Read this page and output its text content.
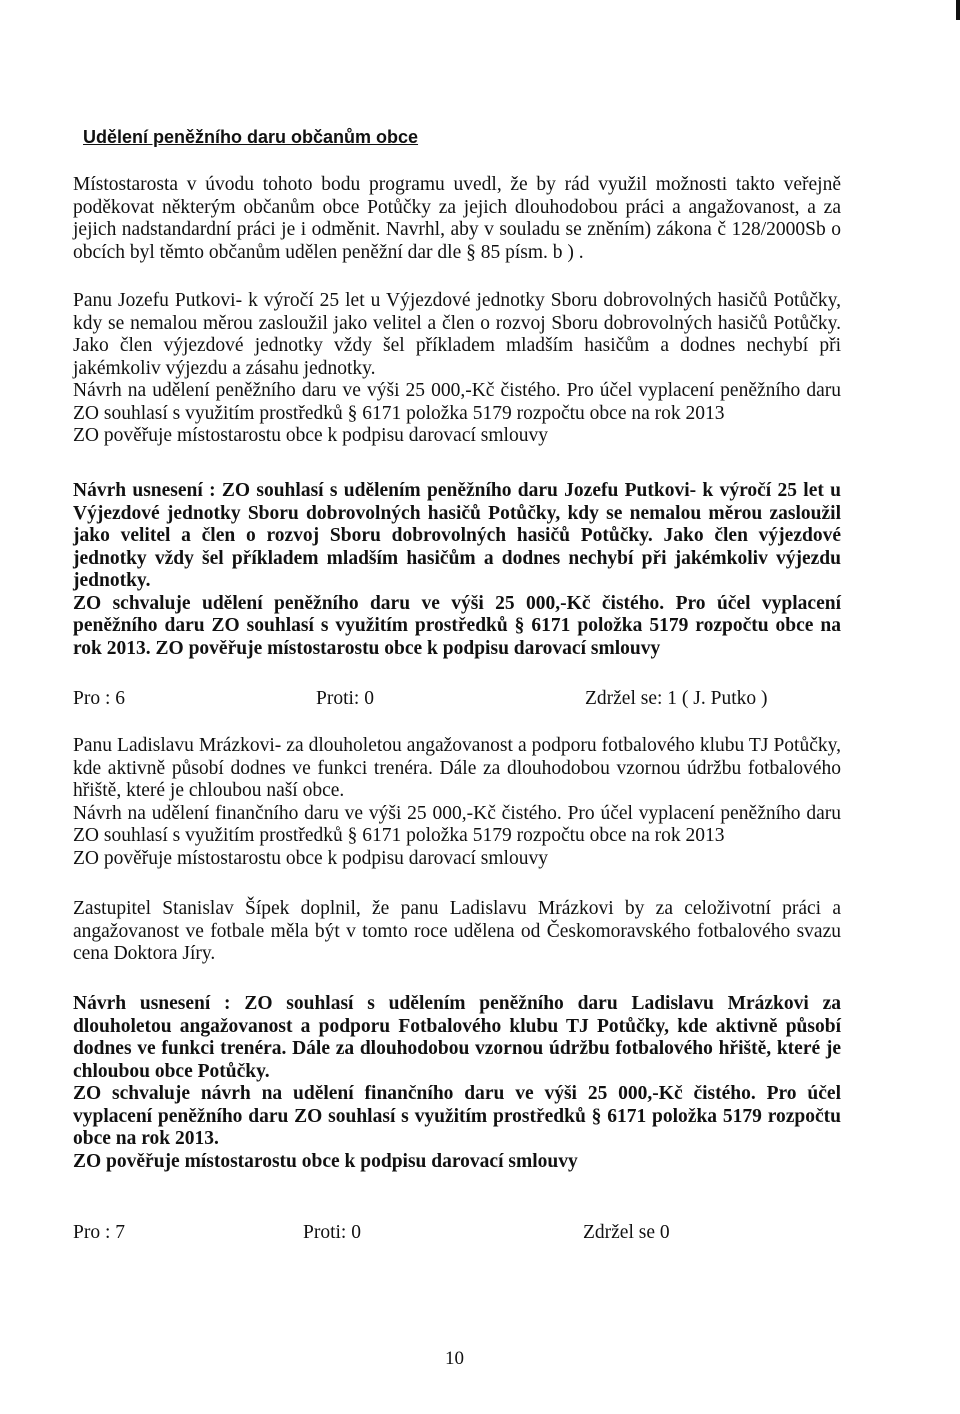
Udělení peněžního daru občanům obce

Místostarosta v úvodu tohoto bodu programu uvedl, že by rád využil možnosti takto veřejně poděkovat některým občanům obce Potůčky za jejich dlouhodobou práci a angažovanost, a za jejich nadstandardní práci je i odměnit. Navrhl, aby v souladu se zněním) zákona č 128/2000Sb o obcích byl těmto občanům udělen peněžní dar dle § 85 písm. b ) .

Panu Jozefu Putkovi- k výročí 25 let u Výjezdové jednotky Sboru dobrovolných hasičů Potůčky, kdy se nemalou měrou zasloužil jako velitel a člen o rozvoj Sboru dobrovolných hasičů Potůčky. Jako člen výjezdové jednotky vždy šel příkladem mladším hasičům a dodnes nechybí při jakémkoliv výjezdu a zásahu jednotky.

Návrh na udělení peněžního daru ve výši 25 000,-Kč čistého. Pro účel vyplacení peněžního daru ZO souhlasí s využitím prostředků § 6171 položka 5179 rozpočtu obce na rok 2013

ZO pověřuje místostarostu obce k podpisu darovací smlouvy

Návrh usnesení : ZO souhlasí s udělením peněžního daru Jozefu Putkovi- k výročí 25 let u Výjezdové jednotky Sboru dobrovolných hasičů Potůčky, kdy se nemalou měrou zasloužil jako velitel a člen o rozvoj Sboru dobrovolných hasičů Potůčky. Jako člen výjezdové jednotky vždy šel příkladem mladším hasičům a dodnes nechybí při jakémkoliv výjezdu jednotky.

ZO schvaluje udělení peněžního daru ve výši 25 000,-Kč čistého. Pro účel vyplacení peněžního daru ZO souhlasí s využitím prostředků § 6171 položka 5179 rozpočtu obce na rok 2013. ZO pověřuje místostarostu obce k podpisu darovací smlouvy

Pro : 6	Proti: 0	Zdržel se: 1 ( J. Putko )

Panu Ladislavu Mrázkovi- za dlouholetou angažovanost a podporu fotbalového klubu TJ Potůčky, kde aktivně působí dodnes ve funkci trenéra. Dále za dlouhodobou vzornou údržbu fotbalového hřiště, které je chloubou naší obce.

Návrh na udělení finančního daru ve výši 25 000,-Kč čistého. Pro účel vyplacení peněžního daru ZO souhlasí s využitím prostředků § 6171 položka 5179 rozpočtu obce na rok 2013

ZO pověřuje místostarostu obce k podpisu darovací smlouvy

Zastupitel Stanislav Šípek doplnil, že panu Ladislavu Mrázkovi by za celoživotní práci a angažovanost ve fotbale měla být v tomto roce udělena od Českomoravského fotbalového svazu cena Doktora Jíry.

Návrh usnesení : ZO souhlasí s udělením peněžního daru Ladislavu Mrázkovi za dlouholetou angažovanost a podporu Fotbalového klubu TJ Potůčky, kde aktivně působí dodnes ve funkci trenéra. Dále za dlouhodobou vzornou údržbu fotbalového hřiště, které je chloubou obce Potůčky.

ZO schvaluje návrh na udělení finančního daru ve výši 25 000,-Kč čistého. Pro účel vyplacení peněžního daru ZO souhlasí s využitím prostředků § 6171 položka 5179 rozpočtu obce na rok 2013.

ZO pověřuje místostarostu obce k podpisu darovací smlouvy

Pro : 7	Proti: 0	Zdržel se 0
10
